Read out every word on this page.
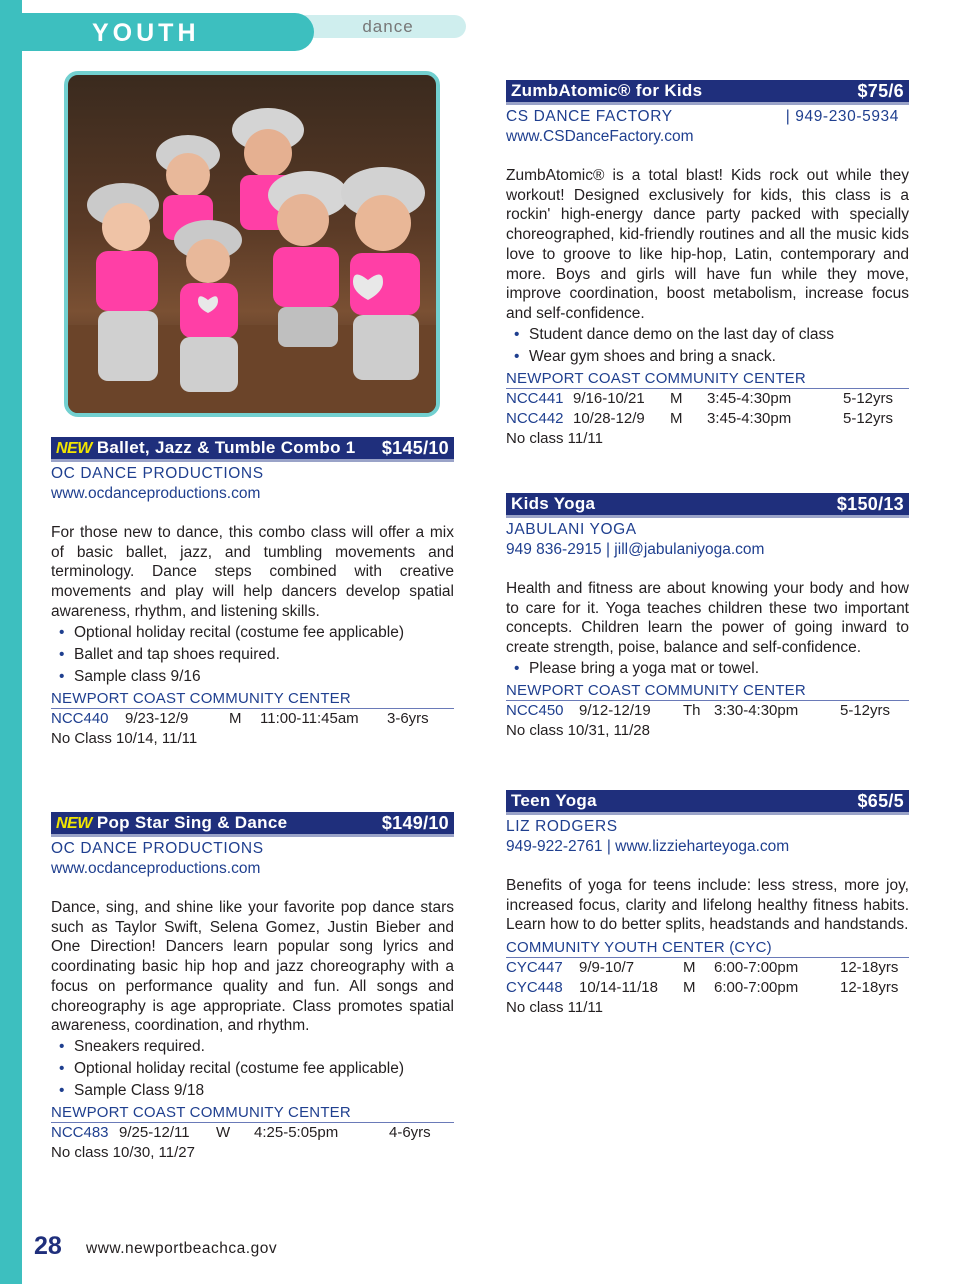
dance
YOUTH
NEW Ballet, Jazz & Tumble Combo 1	$145/10
OC DANCE PRODUCTIONS
www.ocdanceproductions.com
For those new to dance, this combo class will offer a mix of basic ballet, jazz, and tumbling movements and terminology. Dance steps combined with creative movements and play will help dancers develop spatial awareness, rhythm, and listening skills.
• Optional holiday recital (costume fee applicable)
• Ballet and tap shoes required.
• Sample class 9/16
NEWPORT COAST COMMUNITY CENTER
NCC440 9/23-12/9	M 11:00-11:45am 3-6yrs
No Class 10/14, 11/11
NEW Pop Star Sing & Dance	$149/10
OC DANCE PRODUCTIONS
www.ocdanceproductions.com
Dance, sing, and shine like your favorite pop dance stars such as Taylor Swift, Selena Gomez, Justin Bieber and One Direction! Dancers learn popular song lyrics and coordinating basic hip hop and jazz choreography with a focus on performance quality and fun. All songs and choreography is age appropriate. Class promotes spatial awareness, coordination, and rhythm.
• Sneakers required.
• Optional holiday recital (costume fee applicable)
• Sample Class 9/18
NEWPORT COAST COMMUNITY CENTER
NCC483 9/25-12/11 W 4:25-5:05pm	4-6yrs
No class 10/30, 11/27
ZumbAtomic® for Kids	$75/6
CS DANCE FACTORY	| 949-230-5934
www.CSDanceFactory.com
ZumbAtomic® is a total blast! Kids rock out while they workout! Designed exclusively for kids, this class is a rockin' high-energy dance party packed with specially choreographed, kid-friendly routines and all the music kids love to groove to like hip-hop, Latin, contemporary and more. Boys and girls will have fun while they move, improve coordination, boost metabolism, increase focus and self-confidence.
• Student dance demo on the last day of class
• Wear gym shoes and bring a snack.
NEWPORT COAST COMMUNITY CENTER
NCC441 9/16-10/21 M 3:45-4:30pm	5-12yrs
NCC442 10/28-12/9 M 3:45-4:30pm	5-12yrs
No class 11/11
Kids Yoga	$150/13
JABULANI YOGA
949 836-2915 | jill@jabulaniyoga.com
Health and fitness are about knowing your body and how to care for it. Yoga teaches children these two important concepts. Children learn the power of going inward to create strength, poise, balance and self-confidence.
• Please bring a yoga mat or towel.
NEWPORT COAST COMMUNITY CENTER
NCC450 9/12-12/19 Th 3:30-4:30pm	5-12yrs
No class 10/31, 11/28
Teen Yoga	$65/5
LIZ RODGERS
949-922-2761 | www.lizzieharteyoga.com
Benefits of yoga for teens include: less stress, more joy, increased focus, clarity and lifelong healthy fitness habits. Learn how to do better splits, headstands and handstands.
COMMUNITY YOUTH CENTER (CYC)
CYC447 9/9-10/7	M 6:00-7:00pm	12-18yrs
CYC448 10/14-11/18 M 6:00-7:00pm	12-18yrs
No class 11/11
28 www.newportbeachca.gov
